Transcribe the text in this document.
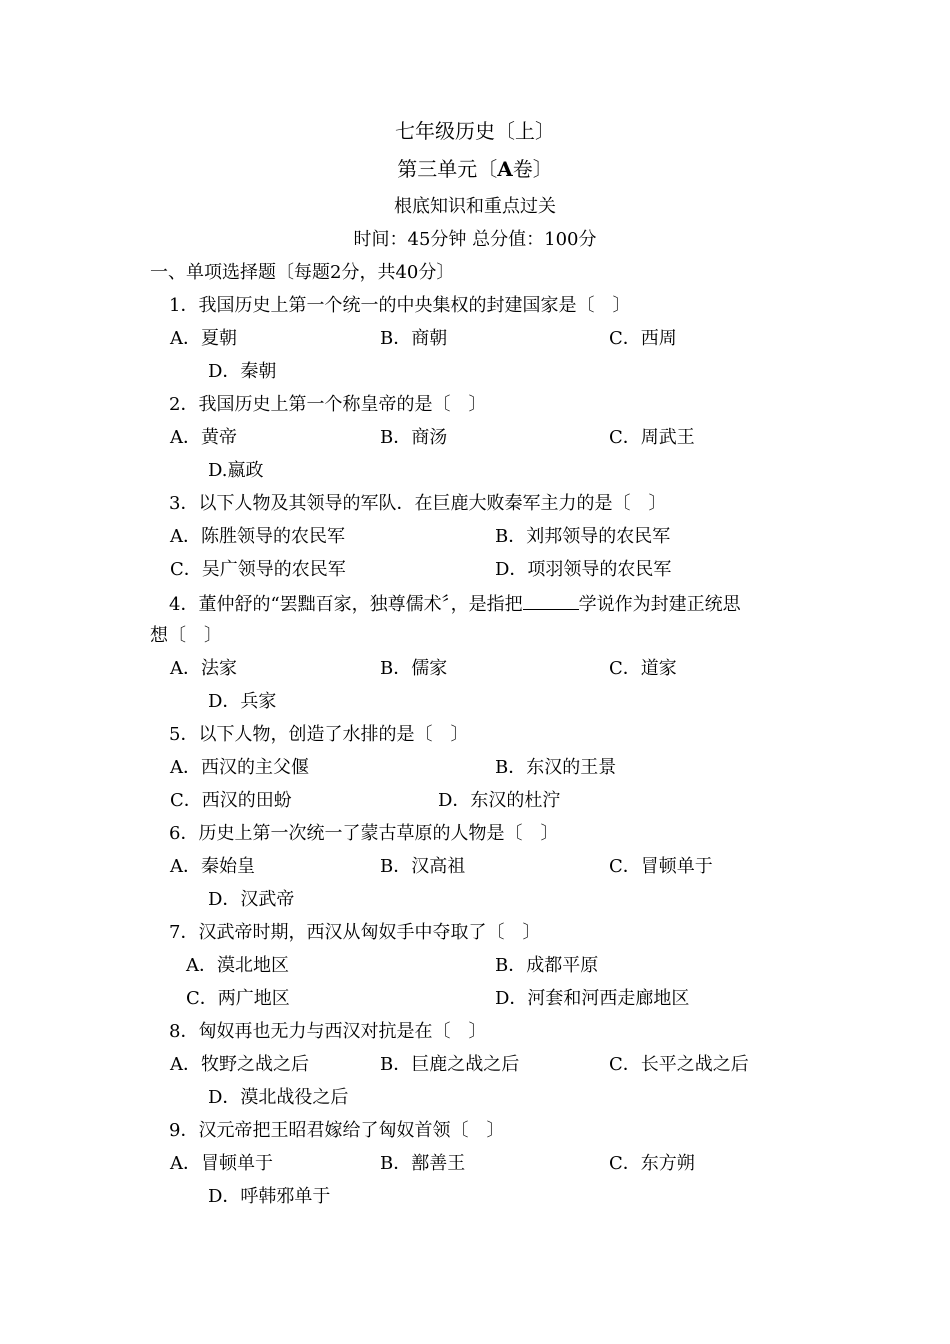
七年级历史〔上〕
第三单元〔A卷〕
根底知识和重点过关
时间：45分钟 总分值：100分
一、单项选择题〔每题2分，共40分〕
1．我国历史上第一个统一的中央集权的封建国家是〔　〕
A．夏朝	B．商朝	C．西周
D．秦朝
2．我国历史上第一个称皇帝的是〔　〕
A．黄帝	B．商汤	C．周武王
D.嬴政
3．以下人物及其领导的军队．在巨鹿大败秦军主力的是〔　〕
A．陈胜领导的农民军	B．刘邦领导的农民军
C．吴广领导的农民军	D．项羽领导的农民军
4．董仲舒的“罢黜百家，独尊儒术〞，是指把	学说作为封建正统思
想〔　〕
A．法家	B．儒家	C．道家
D．兵家
5．以下人物，创造了水排的是〔　〕
A．西汉的主父偃	B．东汉的王景
C．西汉的田蚡	D．东汉的杜泞
6．历史上第一次统一了蒙古草原的人物是〔　〕
A．秦始皇	B．汉高祖	C．冒顿单于
D．汉武帝
7．汉武帝时期，西汉从匈奴手中夺取了〔　〕
A．漠北地区	B．成都平原
C．两广地区	D．河套和河西走廊地区
8．匈奴再也无力与西汉对抗是在〔　〕
A．牧野之战之后	B．巨鹿之战之后	C．长平之战之后
D．漠北战役之后
9．汉元帝把王昭君嫁给了匈奴首领〔　〕
A．冒顿单于	B．鄯善王	C．东方朔
D．呼韩邪单于
